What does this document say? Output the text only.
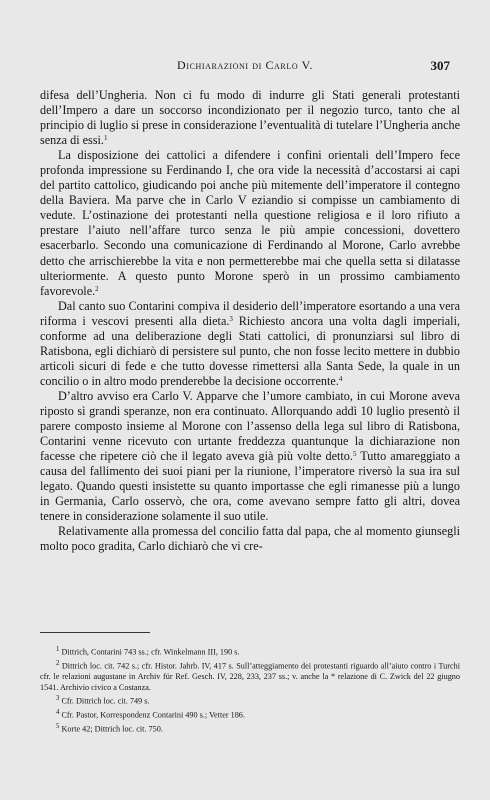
Dichiarazioni di Carlo V.	307

difesa dell’Ungheria. Non ci fu modo di indurre gli Stati generali protestanti dell’Impero a dare un soccorso incondizionato per il negozio turco, tanto che al principio di luglio si prese in considerazione l’eventualità di tutelare l’Ungheria anche senza di essi.$^1$

La disposizione dei cattolici a difendere i confini orientali dell’Impero fece profonda impressione su Ferdinando I, che ora vide la necessità d’accostarsi ai capi del partito cattolico, giudicando poi anche più mitemente dell’imperatore il contegno della Baviera. Ma parve che in Carlo V eziandio si compisse un cambiamento di vedute. L’ostinazione dei protestanti nella questione religiosa e il loro rifiuto a prestare l’aiuto nell’affare turco senza le più ampie concessioni, dovettero esacerbarlo. Secondo una comunicazione di Ferdinando al Morone, Carlo avrebbe detto che arrischierebbe la vita e non permetterebbe mai che quella setta si dilatasse ulteriormente. A questo punto Morone sperò in un prossimo cambiamento favorevole.$^2$

Dal canto suo Contarini compiva il desiderio dell’imperatore esortando a una vera riforma i vescovi presenti alla dieta.$^3$ Richiesto ancora una volta dagli imperiali, conforme ad una deliberazione degli Stati cattolici, di pronunziarsi sul libro di Ratisbona, egli dichiarò di persistere sul punto, che non fosse lecito mettere in dubbio articoli sicuri di fede e che tutto dovesse rimettersi alla Santa Sede, la quale in un concilio o in altro modo prenderebbe la decisione occorrente.$^4$

D’altro avviso era Carlo V. Apparve che l’umore cambiato, in cui Morone aveva riposto sì grandi speranze, non era continuato. Allorquando addì 10 luglio presentò il parere composto insieme al Morone con l’assenso della lega sul libro di Ratisbona, Contarini venne ricevuto con urtante freddezza quantunque la dichiarazione non facesse che ripetere ciò che il legato aveva già più volte detto.$^5$ Tutto amareggiato a causa del fallimento dei suoi piani per la riunione, l’imperatore riversò la sua ira sul legato. Quando questi insistette su quanto importasse che egli rimanesse più a lungo in Germania, Carlo osservò, che ora, come avevano sempre fatto gli altri, dovea tenere in considerazione solamente il suo utile.

Relativamente alla promessa del concilio fatta dal papa, che al momento giunsegli molto poco gradita, Carlo dichiarò che vi cre-

$^1$ Dittrich, Contarini 743 ss.; cfr. Winkelmann III, 190 s.

$^2$ Dittrich loc. cit. 742 s.; cfr. Histor. Jahrb. IV, 417 s. Sull’atteggiamento dei protestanti riguardo all’aiuto contro i Turchi cfr. le relazioni augustane in Archiv für Ref. Gesch. IV, 228, 233, 237 ss.; v. anche la * relazione di C. Zwick del 22 giugno 1541. Archivio civico a Costanza.

$^3$ Cfr. Dittrich loc. cit. 749 s.

$^4$ Cfr. Pastor, Korrespondenz Contarini 490 s.; Vetter 186.

$^5$ Korte 42; Dittrich loc. cit. 750.
